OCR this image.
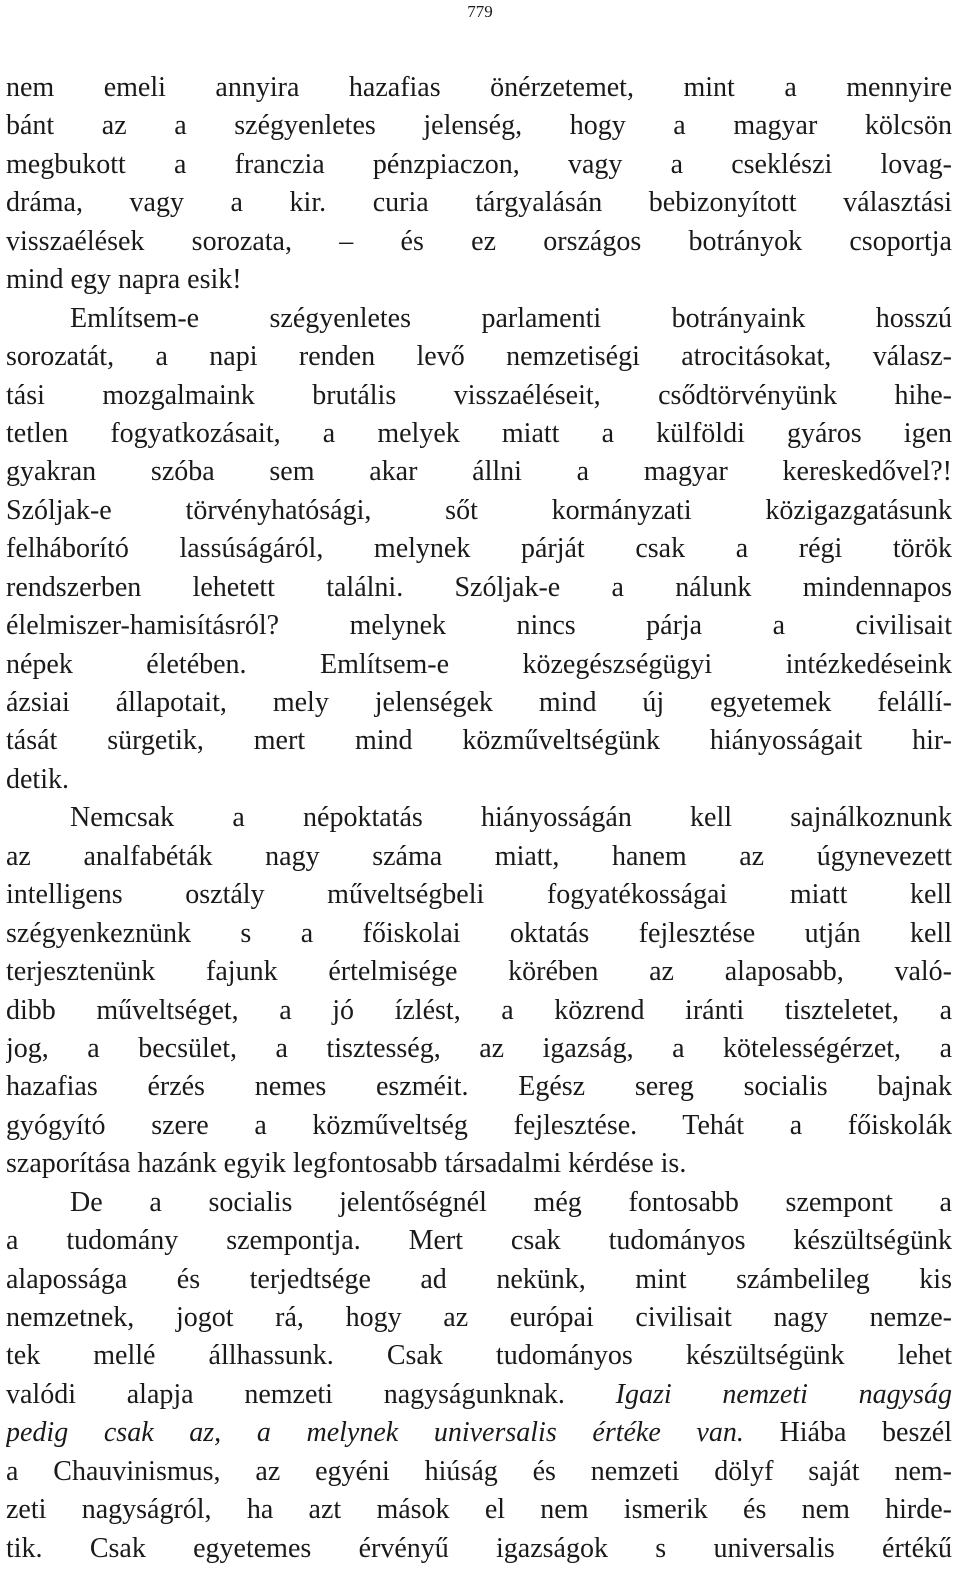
779
nem emeli annyira hazafias önérzetemet, mint a mennyire
bánt az a szégyenletes jelenség, hogy a magyar kölcsön
megbukott a franczia pénzpiaczon, vagy a cseklészi lovag-
dráma, vagy a kir. curia tárgyalásán bebizonyított választási
visszaélések sorozata, – és ez országos botrányok csoportja
mind egy napra esik!
Említsem-e szégyenletes parlamenti botrányaink hosszú
sorozatát, a napi renden levő nemzetiségi atrocitásokat, válasz-
tási mozgalmaink brutális visszaéléseit, csődtörvényünk hihe-
tetlen fogyatkozásait, a melyek miatt a külföldi gyáros igen
gyakran szóba sem akar állni a magyar kereskedővel?!
Szóljak-e törvényhatósági, sőt kormányzati közigazgatásunk
felháborító lassúságáról, melynek párját csak a régi török
rendszerben lehetett találni. Szóljak-e a nálunk mindennapos
élelmiszer-hamisításról? melynek nincs párja a civilisait
népek életében. Említsem-e közegészségügyi intézkedéseink
ázsiai állapotait, mely jelenségek mind új egyetemek felállí-
tását sürgetik, mert mind közműveltségünk hiányosságait hir-
detik.
Nemcsak a népoktatás hiányosságán kell sajnálkoznunk
az analfabéták nagy száma miatt, hanem az úgynevezett
intelligens osztály műveltségbeli fogyatékosságai miatt kell
szégyenkeznünk s a főiskolai oktatás fejlesztése utján kell
terjesztenünk fajunk értelmisége körében az alaposabb, való-
dibb műveltséget, a jó ízlést, a közrend iránti tiszteletet, a
jog, a becsület, a tisztesség, az igazság, a kötelességérzet, a
hazafias érzés nemes eszméit. Egész sereg socialis bajnak
gyógyító szere a közműveltség fejlesztése. Tehát a főiskolák
szaporítása hazánk egyik legfontosabb társadalmi kérdése is.
De a socialis jelentőségnél még fontosabb szempont a
a tudomány szempontja. Mert csak tudományos készültségünk
alapossága és terjedtsége ad nekünk, mint számbelileg kis
nemzetnek, jogot rá, hogy az európai civilisait nagy nemze-
tek mellé állhassunk. Csak tudományos készültségünk lehet
valódi alapja nemzeti nagyságunknak. Igazi nemzeti nagyság
pedig csak az, a melynek universalis értéke van. Hiába beszél
a Chauvinismus, az egyéni hiúság és nemzeti dölyf saját nem-
zeti nagyságról, ha azt mások el nem ismerik és nem hirde-
tik. Csak egyetemes érvényű igazságok s universalis értékű
